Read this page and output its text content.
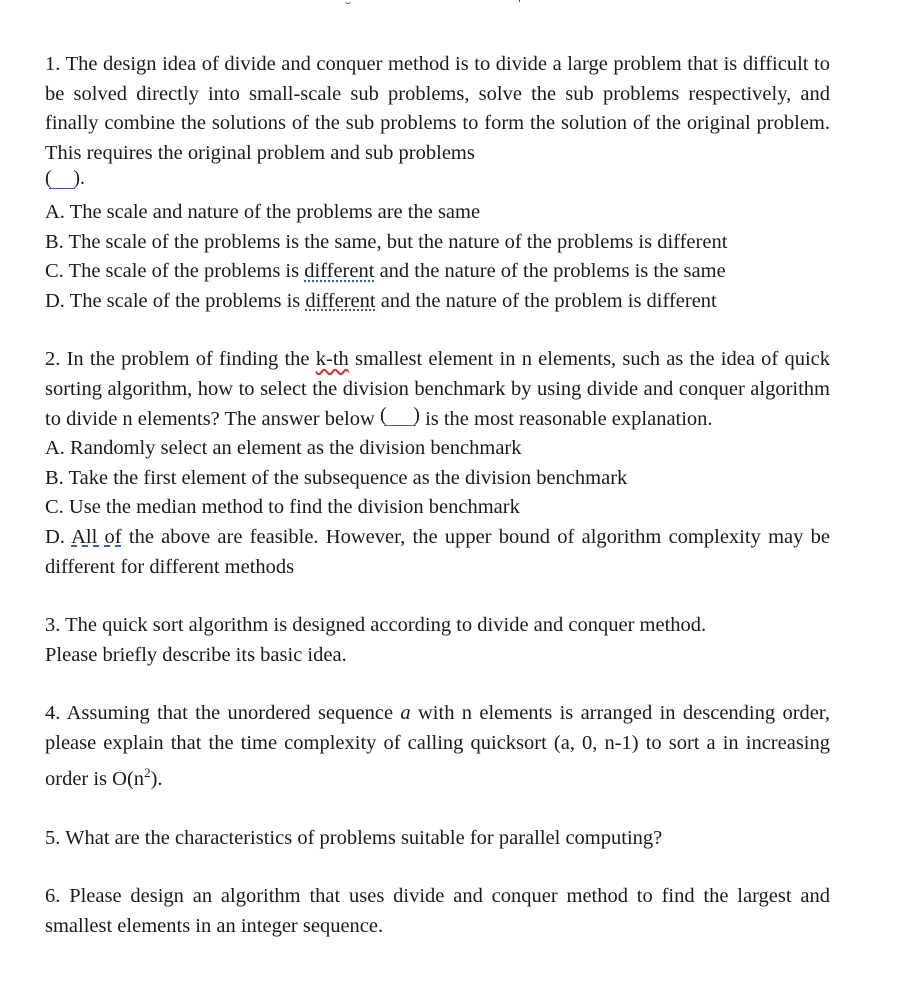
1. The design idea of divide and conquer method is to divide a large problem that is difficult to be solved directly into small-scale sub problems, solve the sub problems respectively, and finally combine the solutions of the sub problems to form the solution of the original problem. This requires the original problem and sub problems
(
).

A. The scale and nature of the problems are the same

B. The scale of the problems is the same, but the nature of the problems is different

C. The scale of the problems is different and the nature of the problems is the same

D. The scale of the problems is different and the nature of the problem is different

2. In the problem of finding the k-th smallest element in n elements, such as the idea of quick sorting algorithm, how to select the division benchmark by using divide and conquer algorithm to divide n elements? The answer below (
) is the most reasonable explanation.

A. Randomly select an element as the division benchmark

B. Take the first element of the subsequence as the division benchmark

C. Use the median method to find the division benchmark

D. All of the above are feasible. However, the upper bound of algorithm complexity may be different for different methods

3. The quick sort algorithm is designed according to divide and conquer method.

Please briefly describe its basic idea.

4. Assuming that the unordered sequence a with n elements is arranged in descending order, please explain that the time complexity of calling quicksort (a, 0, n-1) to sort a in increasing order is $O(n^2)$.

5. What are the characteristics of problems suitable for parallel computing?

6. Please design an algorithm that uses divide and conquer method to find the largest and smallest elements in an integer sequence.
